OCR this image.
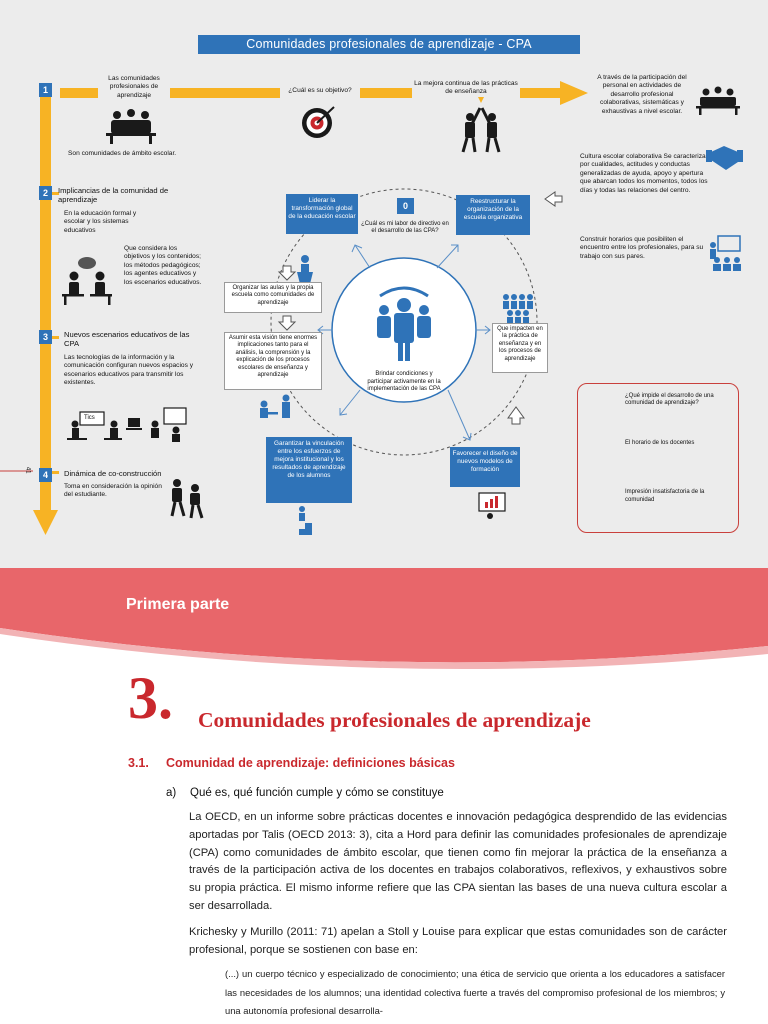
Comunidades profesionales de aprendizaje - CPA
1
2
3
4
41
Las comunidades profesionales de aprendizaje
¿Cuál es su objetivo?
La mejora continua de las prácticas de enseñanza
A través de la participación del personal en actividades de desarrollo profesional colaborativas, sistemáticas y exhaustivas a nivel escolar.
Son comunidades de ámbito escolar.
Implicancias de la comunidad de aprendizaje
En la educación formal y escolar y los sistemas educativos
Que considera los objetivos y los contenidos; los métodos pedagógicos; los agentes educativos y los escenarios educativos.
Nuevos escenarios educativos de las CPA
Las tecnologías de la información y la comunicación configuran nuevos espacios y escenarios educativos para transmitir los existentes.
Tics
Dinámica de co-construcción
Toma en consideración la opinión del estudiante.
Cultura escolar colaborativa Se caracteriza por cualidades, actitudes y conductas generalizadas de ayuda, apoyo y apertura que abarcan todos los momentos, todos los días y todas las relaciones del centro.
Construir horarios que posibiliten el encuentro entre los profesionales, para su trabajo con sus pares.
Liderar la transformación global de la educación escolar
0
¿Cuál es mi labor de directivo en el desarrollo de las CPA?
Reestructurar la organización de la escuela organizativa
Organizar las aulas y la propia escuela como comunidades de aprendizaje
Asumir esta visión tiene enormes implicaciones tanto para el análisis, la comprensión y la explicación de los procesos escolares de enseñanza y aprendizaje
Que impacten en la práctica de enseñanza y en los procesos de aprendizaje
Brindar condiciones y participar activamente en la implementación de las CPA
Garantizar la vinculación entre los esfuerzos de mejora institucional y los resultados de aprendizaje de los alumnos
Favorecer el diseño de nuevos modelos de formación
¿Qué impide el desarrollo de una comunidad de aprendizaje?
El horario de los docentes
Impresión insatisfactoria de la comunidad
Primera parte
3. Comunidades profesionales de aprendizaje
3.1. Comunidad de aprendizaje: definiciones básicas
a) Qué es, qué función cumple y cómo se constituye
La OECD, en un informe sobre prácticas docentes e innovación pedagógica desprendido de las evidencias aportadas por Talis (OECD 2013: 3), cita a Hord para definir las comunidades profesionales de aprendizaje (CPA) como comunidades de ámbito escolar, que tienen como fin mejorar la práctica de la enseñanza a través de la participación activa de los docentes en trabajos colaborativos, reflexivos, y exhaustivos sobre su propia práctica. El mismo informe refiere que las CPA sientan las bases de una nueva cultura escolar a ser desarrollada.
Krichesky y Murillo (2011: 71) apelan a Stoll y Louise para explicar que estas comunidades son de carácter profesional, porque se sostienen con base en:
(...) un cuerpo técnico y especializado de conocimiento; una ética de servicio que orienta a los educadores a satisfacer las necesidades de los alumnos; una identidad colectiva fuerte a través del compromiso profesional de los miembros; y una autonomía profesional desarrolla-
